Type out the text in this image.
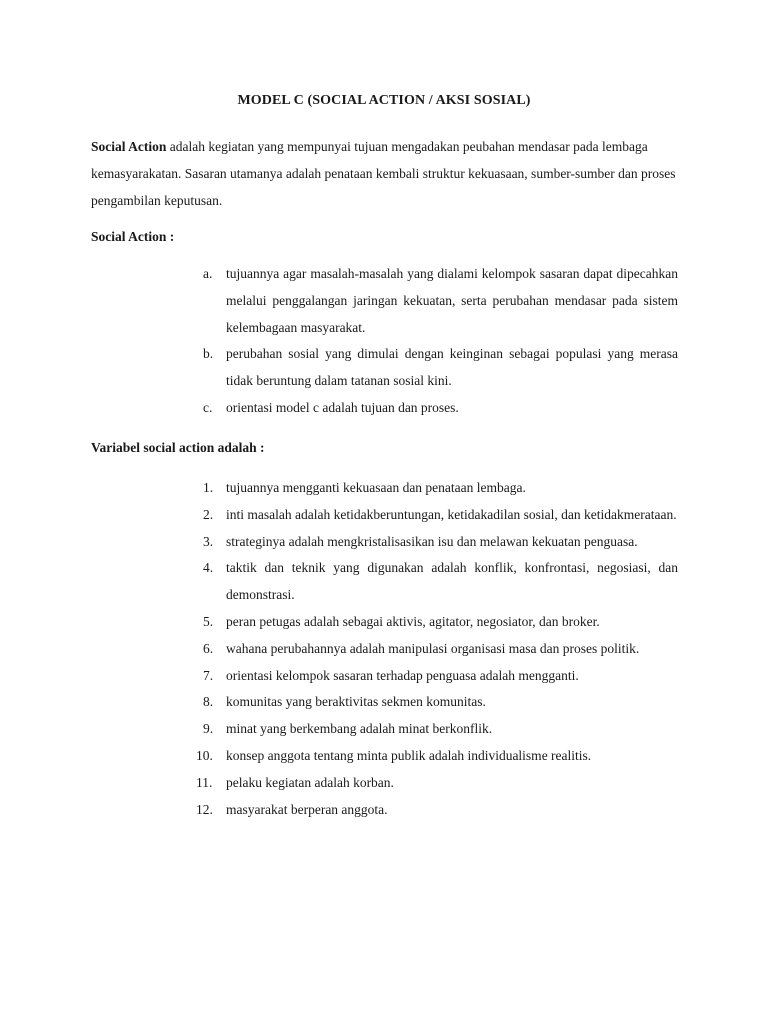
MODEL C (SOCIAL ACTION / AKSI SOSIAL)

Social Action adalah kegiatan yang mempunyai tujuan mengadakan peubahan mendasar pada lembaga kemasyarakatan. Sasaran utamanya adalah penataan kembali struktur kekuasaan, sumber-sumber dan proses pengambilan keputusan.

Social Action :
a. tujuannya agar masalah-masalah yang dialami kelompok sasaran dapat dipecahkan melalui penggalangan jaringan kekuatan, serta perubahan mendasar pada sistem kelembagaan masyarakat.
b. perubahan sosial yang dimulai dengan keinginan sebagai populasi yang merasa tidak beruntung dalam tatanan sosial kini.
c. orientasi model c adalah tujuan dan proses.
Variabel social action adalah :
1. tujuannya mengganti kekuasaan dan penataan lembaga.
2. inti masalah adalah ketidakberuntungan, ketidakadilan sosial, dan ketidakmerataan.
3. strateginya adalah mengkristalisasikan isu dan melawan kekuatan penguasa.
4. taktik dan teknik yang digunakan adalah konflik, konfrontasi, negosiasi, dan demonstrasi.
5. peran petugas adalah sebagai aktivis, agitator, negosiator, dan broker.
6. wahana perubahannya adalah manipulasi organisasi masa dan proses politik.
7. orientasi kelompok sasaran terhadap penguasa adalah mengganti.
8. komunitas yang beraktivitas sekmen komunitas.
9. minat yang berkembang adalah minat berkonflik.
10. konsep anggota tentang minta publik adalah individualisme realitis.
11. pelaku kegiatan adalah korban.
12. masyarakat berperan anggota.
